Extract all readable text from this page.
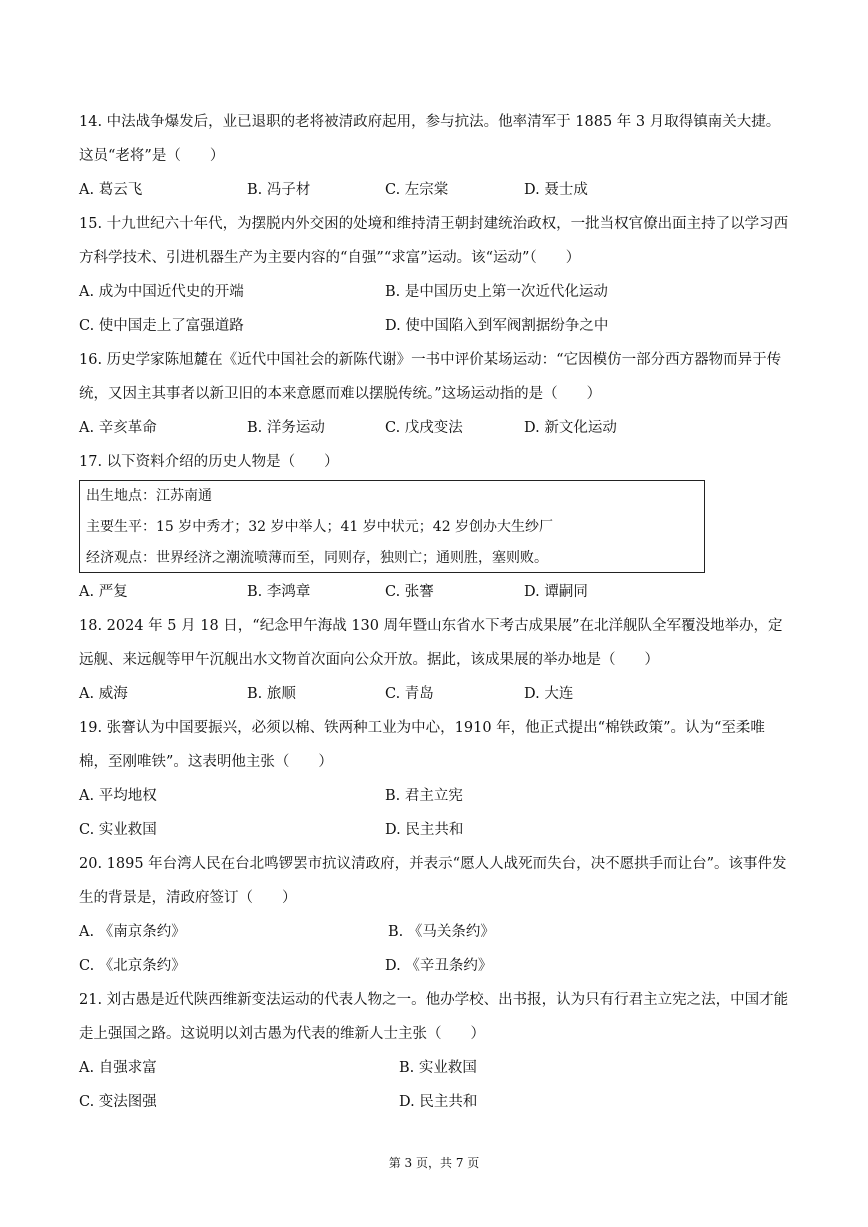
14. 中法战争爆发后，业已退职的老将被清政府起用，参与抗法。他率清军于 1885 年 3 月取得镇南关大捷。这员“老将”是（　　）

A. 葛云飞	B. 冯子材	C. 左宗棠	D. 聂士成

15. 十九世纪六十年代，为摆脱内外交困的处境和维持清王朝封建统治政权，一批当权官僚出面主持了以学习西方科学技术、引进机器生产为主要内容的“自强”“求富”运动。该“运动”（　　）

A. 成为中国近代史的开端	B. 是中国历史上第一次近代化运动
C. 使中国走上了富强道路	D. 使中国陷入到军阀割据纷争之中

16. 历史学家陈旭麓在《近代中国社会的新陈代谢》一书中评价某场运动：“它因模仿一部分西方器物而异于传统，又因主其事者以新卫旧的本来意愿而难以摆脱传统。”这场运动指的是（　　）

A. 辛亥革命	B. 洋务运动	C. 戊戌变法	D. 新文化运动

17. 以下资料介绍的历史人物是（　　）

出生地点：江苏南通
主要生平：15 岁中秀才；32 岁中举人；41 岁中状元；42 岁创办大生纱厂
经济观点：世界经济之潮流喷薄而至，同则存，独则亡；通则胜，塞则败。
A. 严复	B. 李鸿章	C. 张謇	D. 谭嗣同

18. 2024 年 5 月 18 日，“纪念甲午海战 130 周年暨山东省水下考古成果展”在北洋舰队全军覆没地举办，定远舰、来远舰等甲午沉舰出水文物首次面向公众开放。据此，该成果展的举办地是（　　）

A. 威海	B. 旅顺	C. 青岛	D. 大连

19. 张謇认为中国要振兴，必须以棉、铁两种工业为中心，1910 年，他正式提出“棉铁政策”。认为“至柔唯棉，至刚唯铁”。这表明他主张（　　）

A. 平均地权	B. 君主立宪
C. 实业救国	D. 民主共和

20. 1895 年台湾人民在台北鸣锣罢市抗议清政府，并表示“愿人人战死而失台，决不愿拱手而让台”。该事件发生的背景是，清政府签订（　　）

A. 《南京条约》	B. 《马关条约》
C. 《北京条约》	D. 《辛丑条约》

21. 刘古愚是近代陕西维新变法运动的代表人物之一。他办学校、出书报，认为只有行君主立宪之法，中国才能走上强国之路。这说明以刘古愚为代表的维新人士主张（　　）

A. 自强求富	B. 实业救国
C. 变法图强	D. 民主共和
第 3 页，共 7 页
